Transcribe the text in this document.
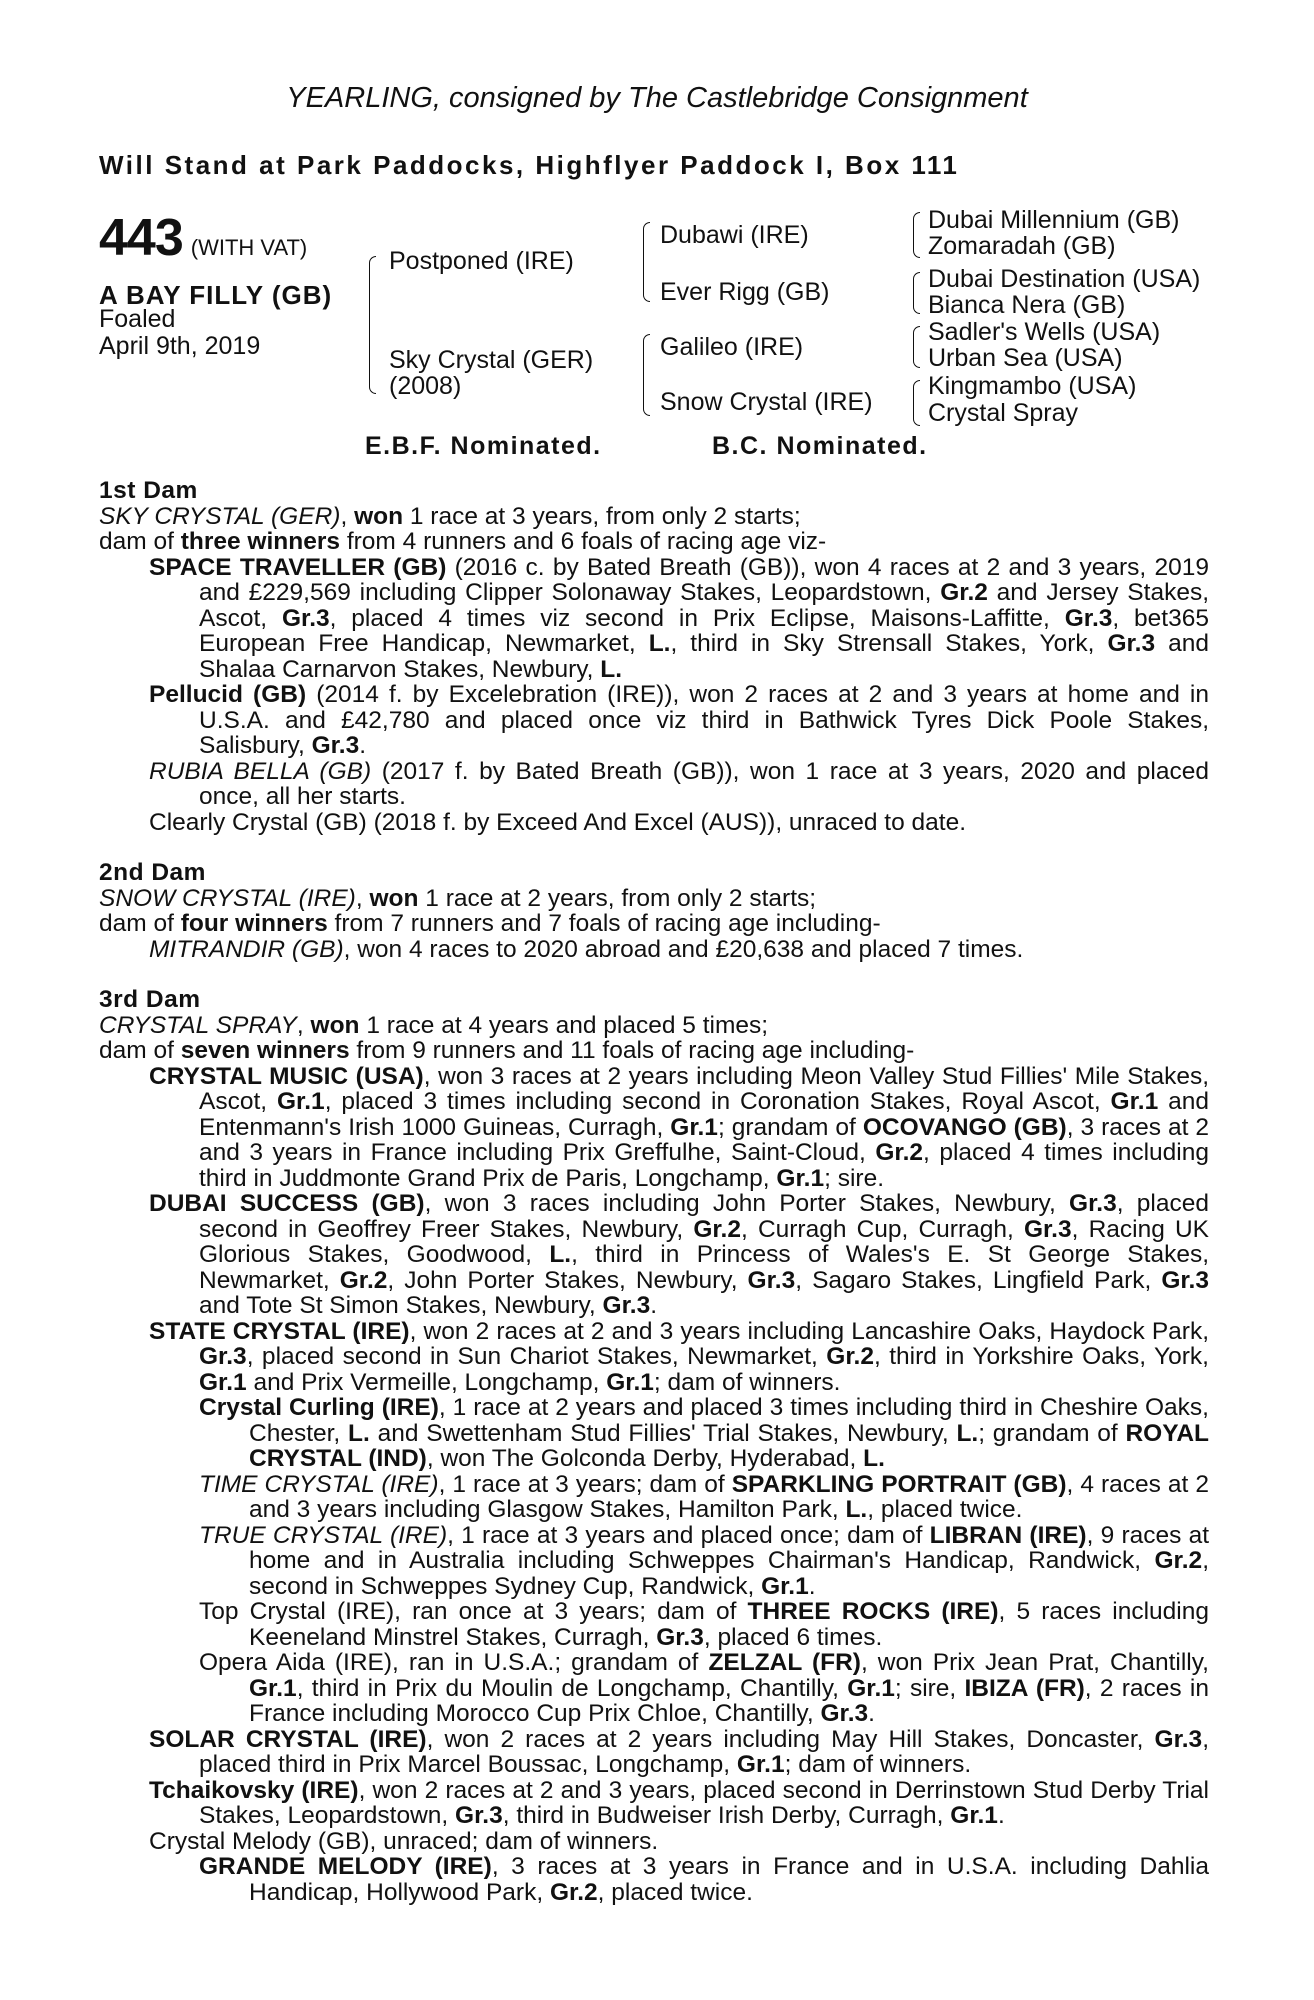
YEARLING, consigned by The Castlebridge Consignment
Will Stand at Park Paddocks, Highflyer Paddock I, Box 111
443 (WITH VAT)
A BAY FILLY (GB)
Foaled
April 9th, 2019
Postponed (IRE)
Sky Crystal (GER)
(2008)
Dubawi (IRE)
Ever Rigg (GB)
Galileo (IRE)
Snow Crystal (IRE)
Dubai Millennium (GB)
Zomaradah (GB)
Dubai Destination (USA)
Bianca Nera (GB)
Sadler's Wells (USA)
Urban Sea (USA)
Kingmambo (USA)
Crystal Spray
E.B.F. Nominated.	B.C. Nominated.

1st Dam

SKY CRYSTAL (GER), won 1 race at 3 years, from only 2 starts;

dam of three winners from 4 runners and 6 foals of racing age viz-

SPACE TRAVELLER (GB) (2016 c. by Bated Breath (GB)), won 4 races at 2 and 3 years, 2019 and £229,569 including Clipper Solonaway Stakes, Leopardstown, Gr.2 and Jersey Stakes, Ascot, Gr.3, placed 4 times viz second in Prix Eclipse, Maisons-Laffitte, Gr.3, bet365 European Free Handicap, Newmarket, L., third in Sky Strensall Stakes, York, Gr.3 and Shalaa Carnarvon Stakes, Newbury, L.

Pellucid (GB) (2014 f. by Excelebration (IRE)), won 2 races at 2 and 3 years at home and in U.S.A. and £42,780 and placed once viz third in Bathwick Tyres Dick Poole Stakes, Salisbury, Gr.3.

RUBIA BELLA (GB) (2017 f. by Bated Breath (GB)), won 1 race at 3 years, 2020 and placed once, all her starts.

Clearly Crystal (GB) (2018 f. by Exceed And Excel (AUS)), unraced to date.

2nd Dam

SNOW CRYSTAL (IRE), won 1 race at 2 years, from only 2 starts;

dam of four winners from 7 runners and 7 foals of racing age including-

MITRANDIR (GB), won 4 races to 2020 abroad and £20,638 and placed 7 times.

3rd Dam

CRYSTAL SPRAY, won 1 race at 4 years and placed 5 times;

dam of seven winners from 9 runners and 11 foals of racing age including-

CRYSTAL MUSIC (USA), won 3 races at 2 years including Meon Valley Stud Fillies' Mile Stakes, Ascot, Gr.1, placed 3 times including second in Coronation Stakes, Royal Ascot, Gr.1 and Entenmann's Irish 1000 Guineas, Curragh, Gr.1; grandam of OCOVANGO (GB), 3 races at 2 and 3 years in France including Prix Greffulhe, Saint-Cloud, Gr.2, placed 4 times including third in Juddmonte Grand Prix de Paris, Longchamp, Gr.1; sire.

DUBAI SUCCESS (GB), won 3 races including John Porter Stakes, Newbury, Gr.3, placed second in Geoffrey Freer Stakes, Newbury, Gr.2, Curragh Cup, Curragh, Gr.3, Racing UK Glorious Stakes, Goodwood, L., third in Princess of Wales's E. St George Stakes, Newmarket, Gr.2, John Porter Stakes, Newbury, Gr.3, Sagaro Stakes, Lingfield Park, Gr.3 and Tote St Simon Stakes, Newbury, Gr.3.

STATE CRYSTAL (IRE), won 2 races at 2 and 3 years including Lancashire Oaks, Haydock Park, Gr.3, placed second in Sun Chariot Stakes, Newmarket, Gr.2, third in Yorkshire Oaks, York, Gr.1 and Prix Vermeille, Longchamp, Gr.1; dam of winners.

Crystal Curling (IRE), 1 race at 2 years and placed 3 times including third in Cheshire Oaks, Chester, L. and Swettenham Stud Fillies' Trial Stakes, Newbury, L.; grandam of ROYAL CRYSTAL (IND), won The Golconda Derby, Hyderabad, L.

TIME CRYSTAL (IRE), 1 race at 3 years; dam of SPARKLING PORTRAIT (GB), 4 races at 2 and 3 years including Glasgow Stakes, Hamilton Park, L., placed twice.

TRUE CRYSTAL (IRE), 1 race at 3 years and placed once; dam of LIBRAN (IRE), 9 races at home and in Australia including Schweppes Chairman's Handicap, Randwick, Gr.2, second in Schweppes Sydney Cup, Randwick, Gr.1.

Top Crystal (IRE), ran once at 3 years; dam of THREE ROCKS (IRE), 5 races including Keeneland Minstrel Stakes, Curragh, Gr.3, placed 6 times.

Opera Aida (IRE), ran in U.S.A.; grandam of ZELZAL (FR), won Prix Jean Prat, Chantilly, Gr.1, third in Prix du Moulin de Longchamp, Chantilly, Gr.1; sire, IBIZA (FR), 2 races in France including Morocco Cup Prix Chloe, Chantilly, Gr.3.

SOLAR CRYSTAL (IRE), won 2 races at 2 years including May Hill Stakes, Doncaster, Gr.3, placed third in Prix Marcel Boussac, Longchamp, Gr.1; dam of winners.

Tchaikovsky (IRE), won 2 races at 2 and 3 years, placed second in Derrinstown Stud Derby Trial Stakes, Leopardstown, Gr.3, third in Budweiser Irish Derby, Curragh, Gr.1.

Crystal Melody (GB), unraced; dam of winners.

GRANDE MELODY (IRE), 3 races at 3 years in France and in U.S.A. including Dahlia Handicap, Hollywood Park, Gr.2, placed twice.
